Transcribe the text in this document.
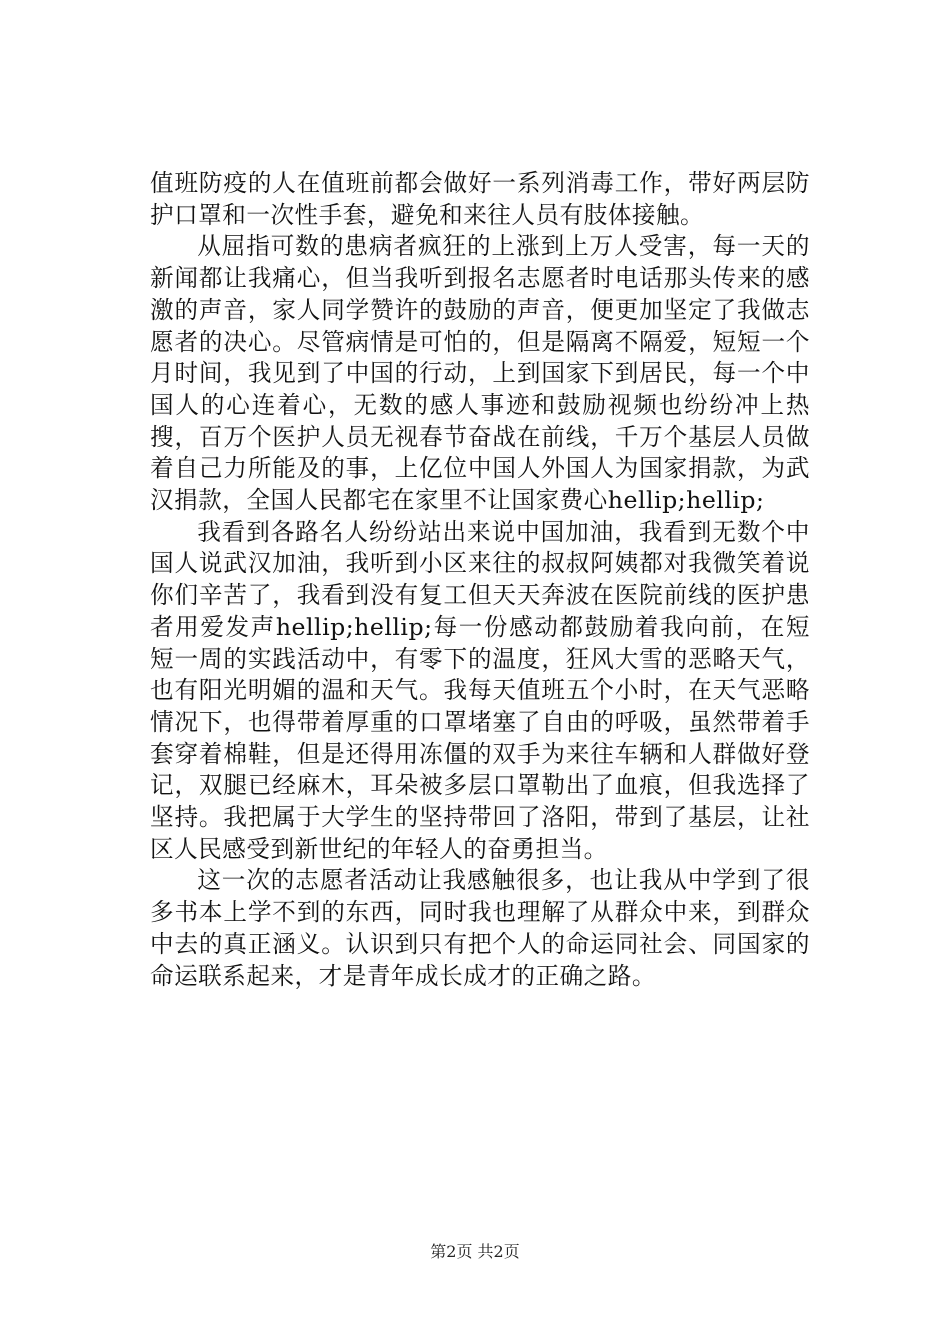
值班防疫的人在值班前都会做好一系列消毒工作，带好两层防护口罩和一次性手套，避免和来往人员有肢体接触。

从屈指可数的患病者疯狂的上涨到上万人受害，每一天的新闻都让我痛心，但当我听到报名志愿者时电话那头传来的感激的声音，家人同学赞许的鼓励的声音，便更加坚定了我做志愿者的决心。尽管病情是可怕的，但是隔离不隔爱，短短一个月时间，我见到了中国的行动，上到国家下到居民，每一个中国人的心连着心，无数的感人事迹和鼓励视频也纷纷冲上热搜，百万个医护人员无视春节奋战在前线，千万个基层人员做着自己力所能及的事，上亿位中国人外国人为国家捐款，为武汉捐款，全国人民都宅在家里不让国家费心hellip;hellip;

我看到各路名人纷纷站出来说中国加油，我看到无数个中国人说武汉加油，我听到小区来往的叔叔阿姨都对我微笑着说你们辛苦了，我看到没有复工但天天奔波在医院前线的医护患者用爱发声hellip;hellip;每一份感动都鼓励着我向前，在短短一周的实践活动中，有零下的温度，狂风大雪的恶略天气，也有阳光明媚的温和天气。我每天值班五个小时，在天气恶略情况下，也得带着厚重的口罩堵塞了自由的呼吸，虽然带着手套穿着棉鞋，但是还得用冻僵的双手为来往车辆和人群做好登记，双腿已经麻木，耳朵被多层口罩勒出了血痕，但我选择了坚持。我把属于大学生的坚持带回了洛阳，带到了基层，让社区人民感受到新世纪的年轻人的奋勇担当。

这一次的志愿者活动让我感触很多，也让我从中学到了很多书本上学不到的东西，同时我也理解了从群众中来，到群众中去的真正涵义。认识到只有把个人的命运同社会、同国家的命运联系起来，才是青年成长成才的正确之路。

第2页 共2页
